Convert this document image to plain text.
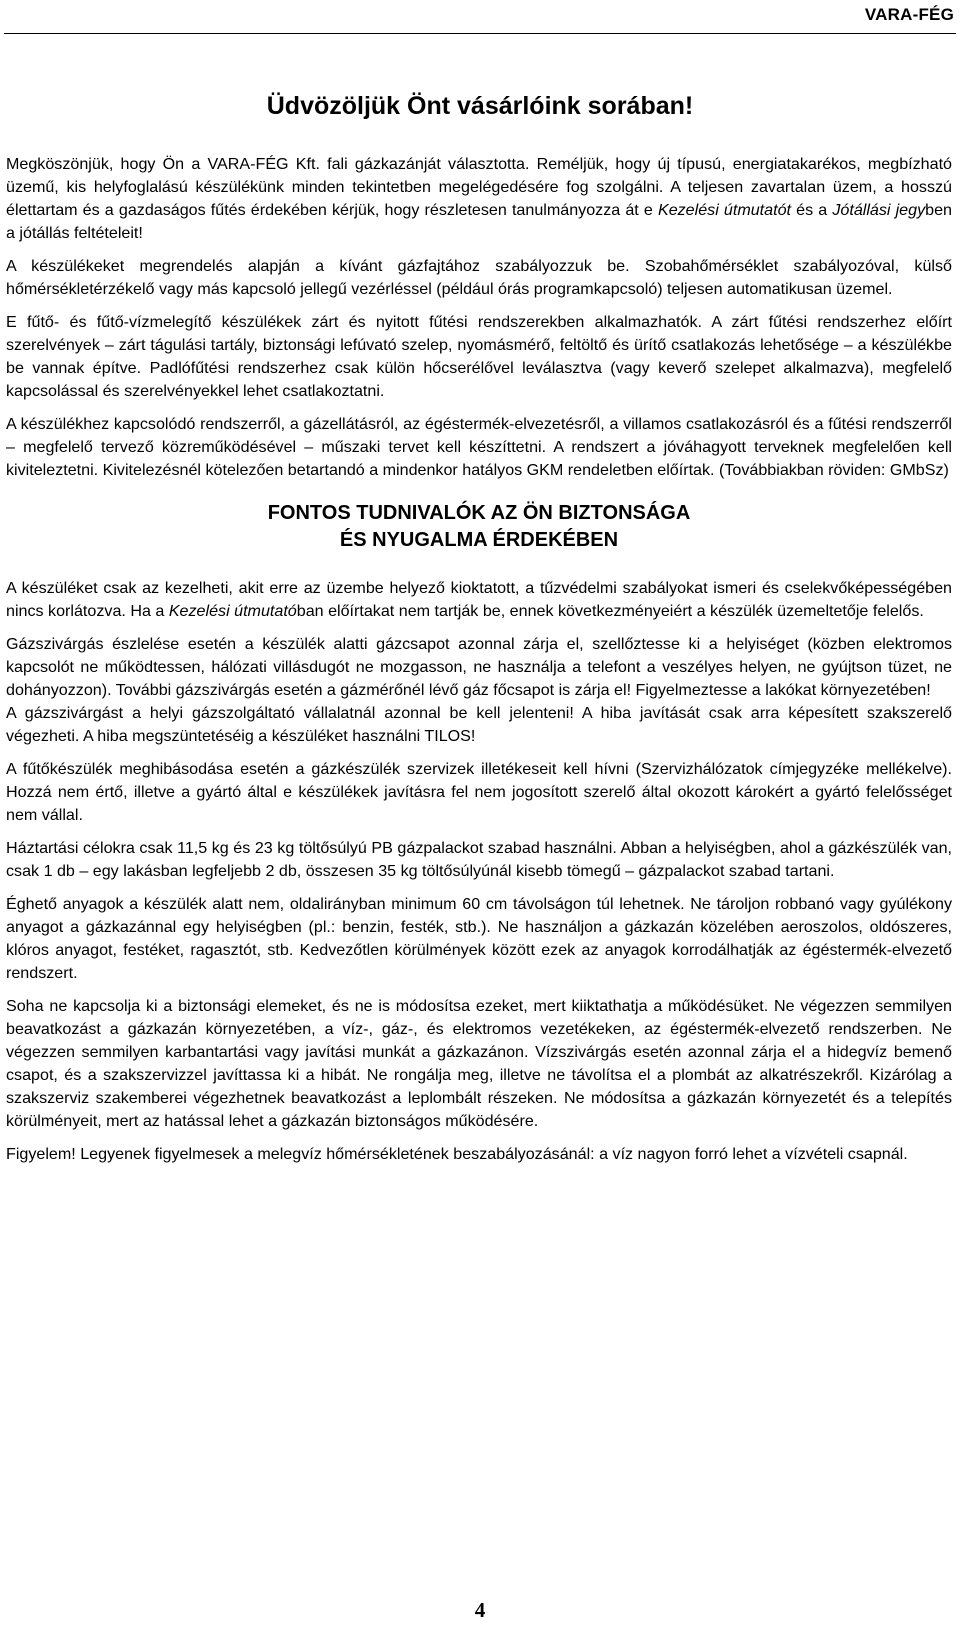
VARA-FÉG
Üdvözöljük Önt vásárlóink sorában!

Megköszönjük, hogy Ön a VARA-FÉG Kft. fali gázkazánját választotta. Reméljük, hogy új típusú, energiatakarékos, megbízható üzemű, kis helyfoglalású készülékünk minden tekintetben megelégedésére fog szolgálni. A teljesen zavartalan üzem, a hosszú élettartam és a gazdaságos fűtés érdekében kérjük, hogy részletesen tanulmányozza át e Kezelési útmutatót és a Jótállási jegyben a jótállás feltételeit!

A készülékeket megrendelés alapján a kívánt gázfajtához szabályozzuk be. Szobahőmérséklet szabályozóval, külső hőmérsékletérzékelő vagy más kapcsoló jellegű vezérléssel (például órás programkapcsoló) teljesen automatikusan üzemel.

E fűtő- és fűtő-vízmelegítő készülékek zárt és nyitott fűtési rendszerekben alkalmazhatók. A zárt fűtési rendszerhez előírt szerelvények – zárt tágulási tartály, biztonsági lefúvató szelep, nyomásmérő, feltöltő és ürítő csatlakozás lehetősége – a készülékbe be vannak építve. Padlófűtési rendszerhez csak külön hőcserélővel leválasztva (vagy keverő szelepet alkalmazva), megfelelő kapcsolással és szerelvényekkel lehet csatlakoztatni.

A készülékhez kapcsolódó rendszerről, a gázellátásról, az égéstermék-elvezetésről, a villamos csatlakozásról és a fűtési rendszerről – megfelelő tervező közreműködésével – műszaki tervet kell készíttetni. A rendszert a jóváhagyott terveknek megfelelően kell kiviteleztetni. Kivitelezésnél kötelezően betartandó a mindenkor hatályos GKM rendeletben előírtak. (Továbbiakban röviden: GMbSz)

FONTOS TUDNIVALÓK AZ ÖN BIZTONSÁGA
ÉS NYUGALMA ÉRDEKÉBEN

A készüléket csak az kezelheti, akit erre az üzembe helyező kioktatott, a tűzvédelmi szabályokat ismeri és cselekvőképességében nincs korlátozva. Ha a Kezelési útmutatóban előírtakat nem tartják be, ennek következményeiért a készülék üzemeltetője felelős.

Gázszivárgás észlelése esetén a készülék alatti gázcsapot azonnal zárja el, szellőztesse ki a helyiséget (közben elektromos kapcsolót ne működtessen, hálózati villásdugót ne mozgasson, ne használja a telefont a veszélyes helyen, ne gyújtson tüzet, ne dohányozzon). További gázszivárgás esetén a gázmérőnél lévő gáz főcsapot is zárja el! Figyelmeztesse a lakókat környezetében!

A gázszivárgást a helyi gázszolgáltató vállalatnál azonnal be kell jelenteni! A hiba javítását csak arra képesített szakszerelő végezheti. A hiba megszüntetéséig a készüléket használni TILOS!

A fűtőkészülék meghibásodása esetén a gázkészülék szervizek illetékeseit kell hívni (Szervizhálózatok címjegyzéke mellékelve). Hozzá nem értő, illetve a gyártó által e készülékek javításra fel nem jogosított szerelő által okozott károkért a gyártó felelősséget nem vállal.

Háztartási célokra csak 11,5 kg és 23 kg töltősúlyú PB gázpalackot szabad használni. Abban a helyiségben, ahol a gázkészülék van, csak 1 db – egy lakásban legfeljebb 2 db, összesen 35 kg töltősúlyúnál kisebb tömegű – gázpalackot szabad tartani.

Éghető anyagok a készülék alatt nem, oldalirányban minimum 60 cm távolságon túl lehetnek. Ne tároljon robbanó vagy gyúlékony anyagot a gázkazánnal egy helyiségben (pl.: benzin, festék, stb.). Ne használjon a gázkazán közelében aeroszolos, oldószeres, klóros anyagot, festéket, ragasztót, stb. Kedvezőtlen körülmények között ezek az anyagok korrodálhatják az égéstermék-elvezető rendszert.

Soha ne kapcsolja ki a biztonsági elemeket, és ne is módosítsa ezeket, mert kiiktathatja a működésüket. Ne végezzen semmilyen beavatkozást a gázkazán környezetében, a víz-, gáz-, és elektromos vezetékeken, az égéstermék-elvezető rendszerben. Ne végezzen semmilyen karbantartási vagy javítási munkát a gázkazánon. Vízszivárgás esetén azonnal zárja el a hidegvíz bemenő csapot, és a szakszervizzel javíttassa ki a hibát. Ne rongálja meg, illetve ne távolítsa el a plombát az alkatrészekről. Kizárólag a szakszerviz szakemberei végezhetnek beavatkozást a leplombált részeken. Ne módosítsa a gázkazán környezetét és a telepítés körülményeit, mert az hatással lehet a gázkazán biztonságos működésére.

Figyelem! Legyenek figyelmesek a melegvíz hőmérsékletének beszabályozásánál: a víz nagyon forró lehet a vízvételi csapnál.

4
